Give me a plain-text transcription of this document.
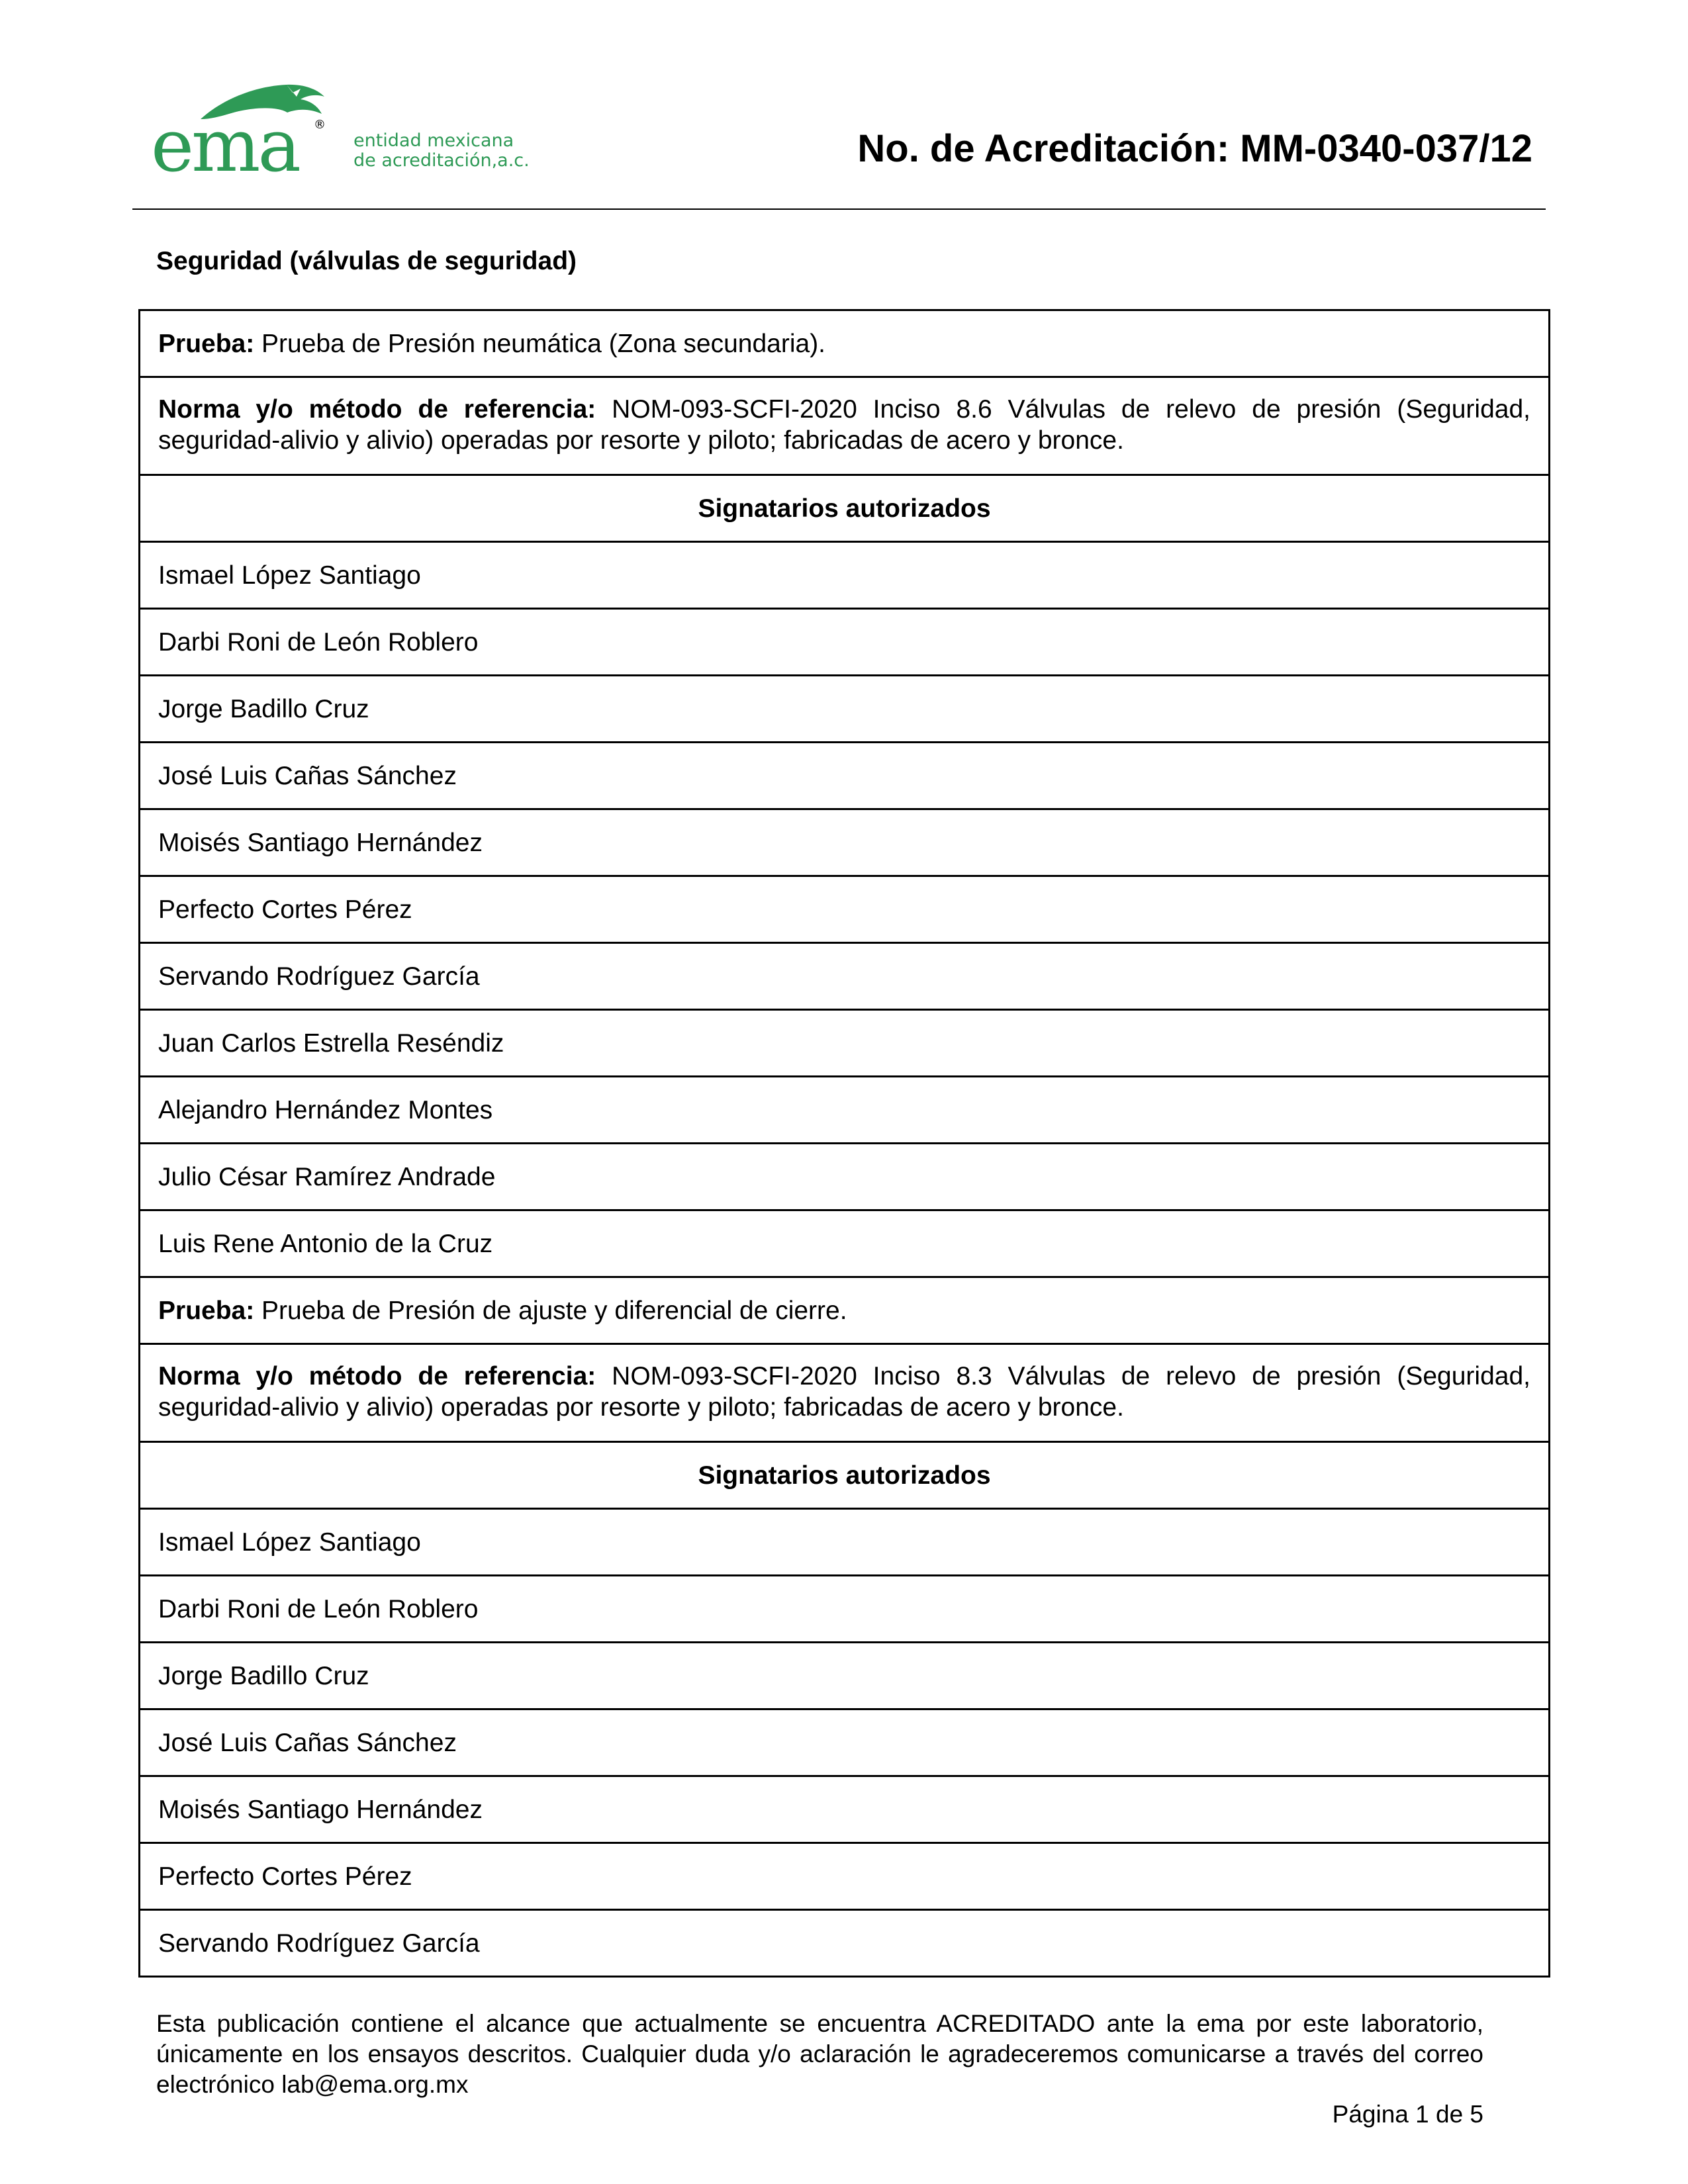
ema ®
entidad mexicana
de acreditación,a.c.	No. de Acreditación: MM-0340-037/12
Seguridad (válvulas de seguridad)
Prueba: Prueba de Presión neumática (Zona secundaria).
Norma y/o método de referencia: NOM-093-SCFI-2020 Inciso 8.6 Válvulas de relevo de presión (Seguridad, seguridad-alivio y alivio) operadas por resorte y piloto; fabricadas de acero y bronce.
Signatarios autorizados
Ismael López Santiago
Darbi Roni de León Roblero
Jorge Badillo Cruz
José Luis Cañas Sánchez
Moisés Santiago Hernández
Perfecto Cortes Pérez
Servando Rodríguez García
Juan Carlos Estrella Reséndiz
Alejandro Hernández Montes
Julio César Ramírez Andrade
Luis Rene Antonio de la Cruz
Prueba: Prueba de Presión de ajuste y diferencial de cierre.
Norma y/o método de referencia: NOM-093-SCFI-2020 Inciso 8.3 Válvulas de relevo de presión (Seguridad, seguridad-alivio y alivio) operadas por resorte y piloto; fabricadas de acero y bronce.
Signatarios autorizados
Ismael López Santiago
Darbi Roni de León Roblero
Jorge Badillo Cruz
José Luis Cañas Sánchez
Moisés Santiago Hernández
Perfecto Cortes Pérez
Servando Rodríguez García
Esta publicación contiene el alcance que actualmente se encuentra ACREDITADO ante la ema por este laboratorio, únicamente en los ensayos descritos. Cualquier duda y/o aclaración le agradeceremos comunicarse a través del correo electrónico lab@ema.org.mx
Página 1 de 5
